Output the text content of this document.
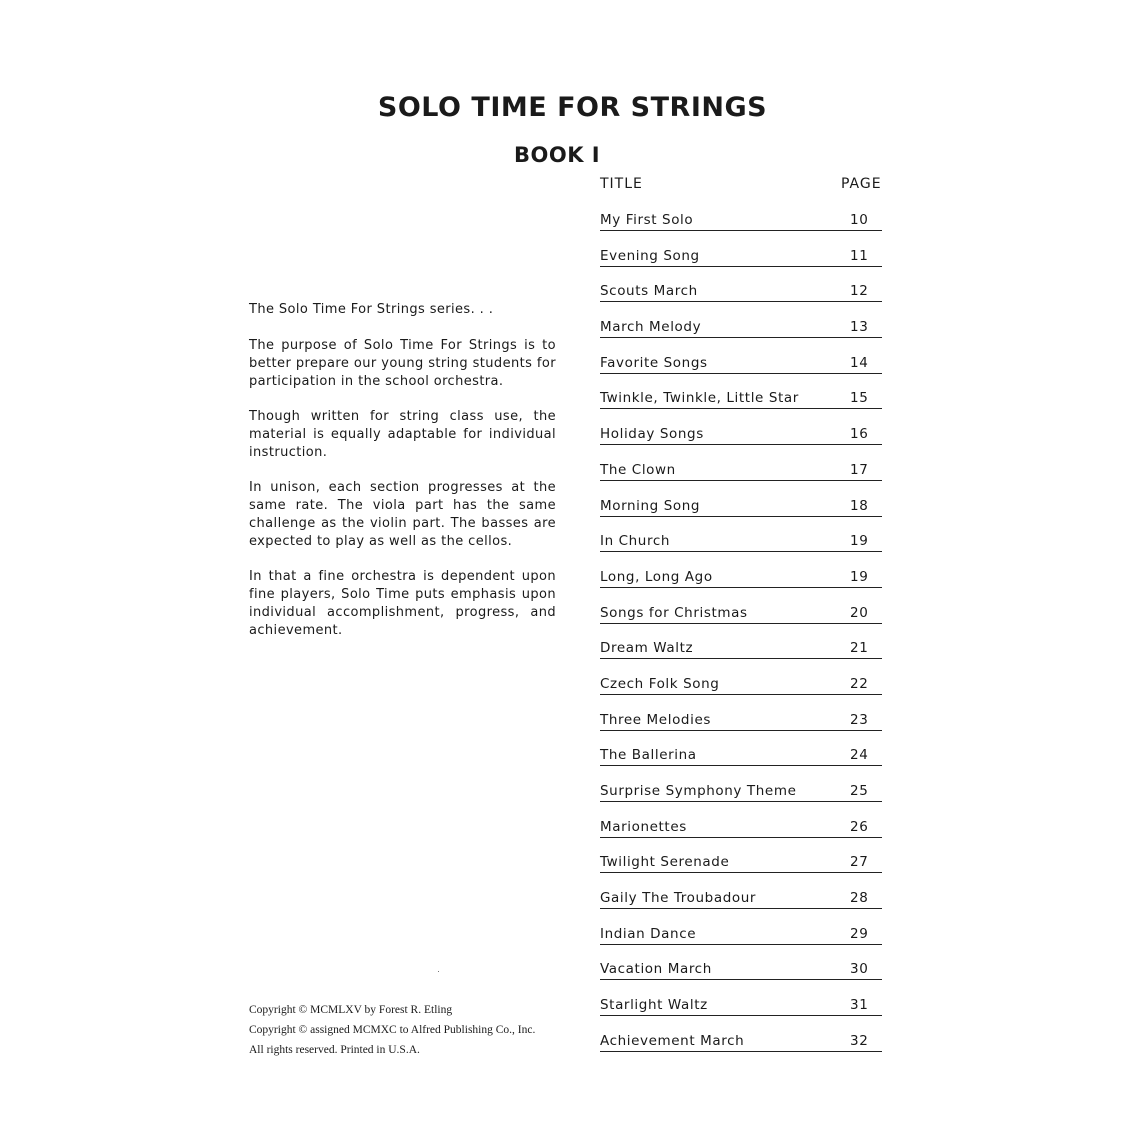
SOLO TIME FOR STRINGS
BOOK I
TITLE	PAGE
My First Solo	10
Evening Song	11
Scouts March	12
March Melody	13
Favorite Songs	14
Twinkle, Twinkle, Little Star	15
Holiday Songs	16
The Clown	17
Morning Song	18
In Church	19
Long, Long Ago	19
Songs for Christmas	20
Dream Waltz	21
Czech Folk Song	22
Three Melodies	23
The Ballerina	24
Surprise Symphony Theme	25
Marionettes	26
Twilight Serenade	27
Gaily The Troubadour	28
Indian Dance	29
Vacation March	30
Starlight Waltz	31
Achievement March	32

The Solo Time For Strings series. . .

The purpose of Solo Time For Strings is to better prepare our young string students for participation in the school orchestra.

Though written for string class use, the material is equally adaptable for individual instruction.

In unison, each section progresses at the same rate. The viola part has the same challenge as the violin part. The basses are expected to play as well as the cellos.

In that a fine orchestra is dependent upon fine players, Solo Time puts emphasis upon individual accomplishment, progress, and achievement.

Copyright © MCMLXV by Forest R. Etling
Copyright © assigned MCMXC to Alfred Publishing Co., Inc.
All rights reserved. Printed in U.S.A.
